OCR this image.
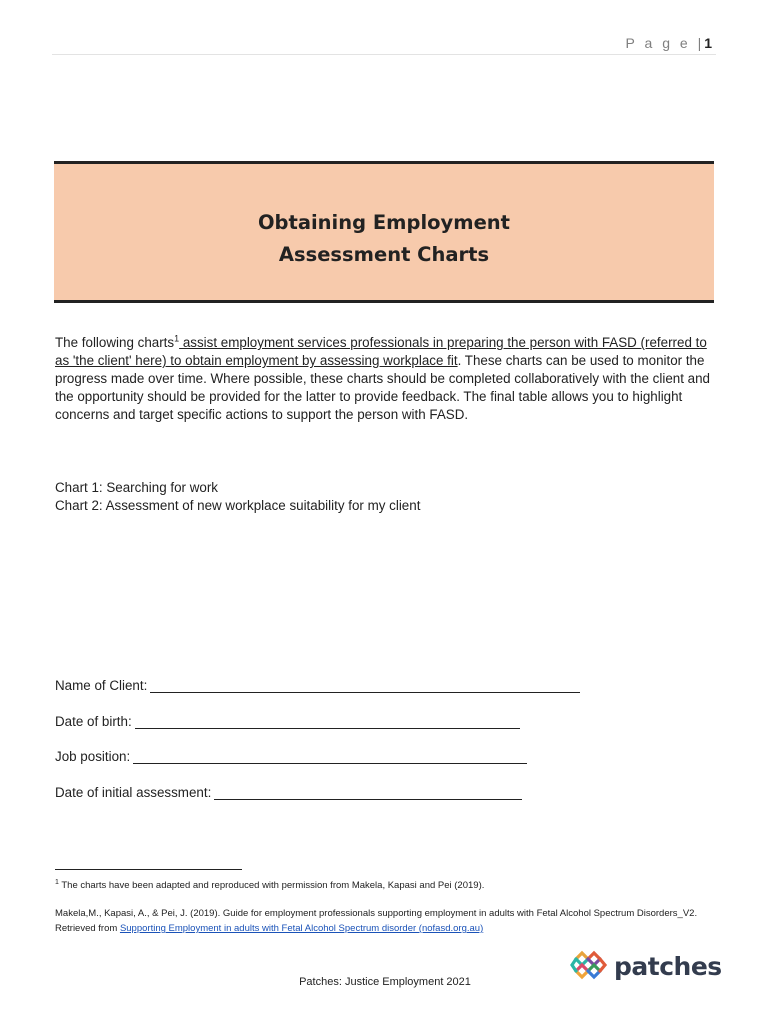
P a g e |1
Obtaining Employment
Assessment Charts
The following charts$^1$ assist employment services professionals in preparing the person with FASD (referred to as 'the client' here) to obtain employment by assessing workplace fit. These charts can be used to monitor the progress made over time. Where possible, these charts should be completed collaboratively with the client and the opportunity should be provided for the latter to provide feedback. The final table allows you to highlight concerns and target specific actions to support the person with FASD.
Chart 1: Searching for work
Chart 2: Assessment of new workplace suitability for my client
Name of Client:
Date of birth:
Job position:
Date of initial assessment:
$^1$ The charts have been adapted and reproduced with permission from Makela, Kapasi and Pei (2019).
Makela,M., Kapasi, A., & Pei, J. (2019). Guide for employment professionals supporting employment in adults with Fetal Alcohol Spectrum Disorders_V2. Retrieved from Supporting Employment in adults with Fetal Alcohol Spectrum disorder (nofasd.org.au)
Patches: Justice Employment 2021
patches
